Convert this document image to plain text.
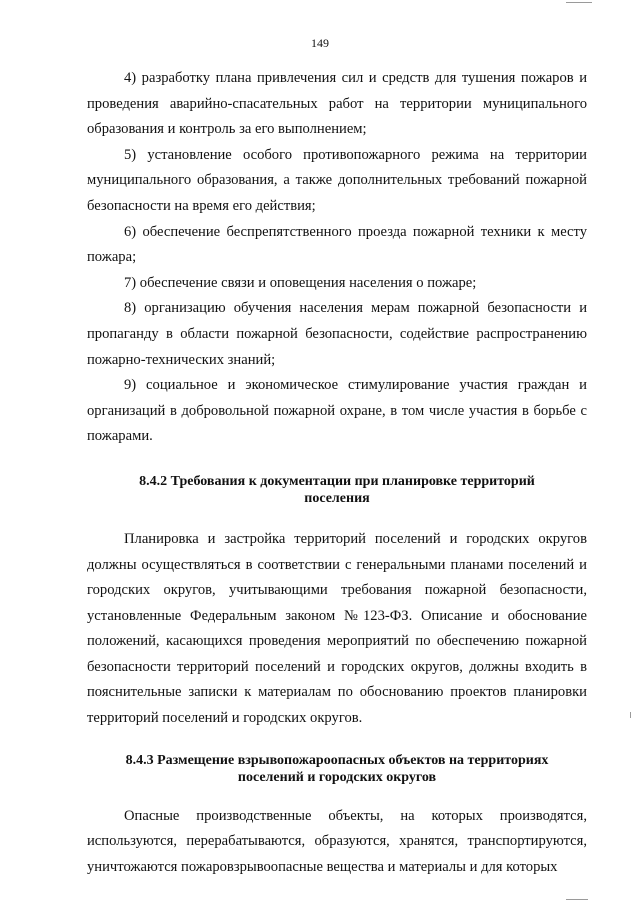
149

4) разработку плана привлечения сил и средств для тушения пожаров и проведения аварийно-спасательных работ на территории муниципального образования и контроль за его выполнением;

5) установление особого противопожарного режима на территории муниципального образования, а также дополнительных требований пожарной безопасности на время его действия;

6) обеспечение беспрепятственного проезда пожарной техники к месту пожара;

7) обеспечение связи и оповещения населения о пожаре;

8) организацию обучения населения мерам пожарной безопасности и пропаганду в области пожарной безопасности, содействие распространению пожарно-технических знаний;

9) социальное и экономическое стимулирование участия граждан и организаций в добровольной пожарной охране, в том числе участия в борьбе с пожарами.

8.4.2 Требования к документации при планировке территорий поселения

Планировка и застройка территорий поселений и городских округов должны осуществляться в соответствии с генеральными планами поселений и городских округов, учитывающими требования пожарной безопасности, установленные Федеральным законом №123-ФЗ. Описание и обоснование положений, касающихся проведения мероприятий по обеспечению пожарной безопасности территорий поселений и городских округов, должны входить в пояснительные записки к материалам по обоснованию проектов планировки территорий поселений и городских округов.

8.4.3 Размещение взрывопожароопасных объектов на территориях поселений и городских округов

Опасные производственные объекты, на которых производятся, используются, перерабатываются, образуются, хранятся, транспортируются, уничтожаются пожаровзрывоопасные вещества и материалы и для которых
